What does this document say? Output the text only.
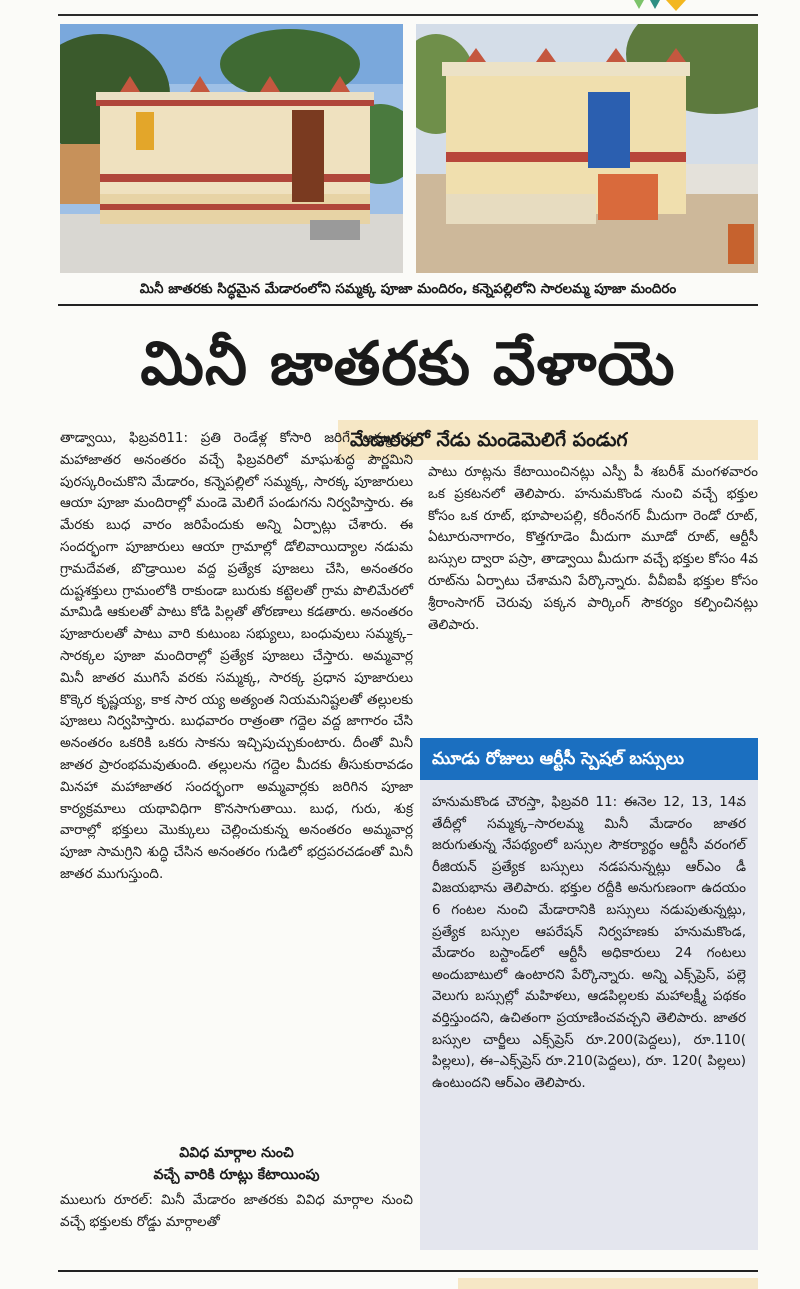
మినీ జాతరకు సిద్ధమైన మేడారంలోని సమ్మక్క పూజా మందిరం, కన్నెపల్లిలోని సారలమ్మ పూజా మందిరం
మినీ జాతరకు వేళాయె
మేడారంలో నేడు మండెమెలిగే పండుగ

తాడ్వాయి, ఫిబ్రవరి11: ప్రతి రెండేళ్ల కోసారి జరిగే అమ్మవార్ల మహాజాతర అనంతరం వచ్చే ఫిబ్రవరిలో మాఘశుద్ధ పౌర్ణమిని పురస్కరించుకొని మేడారం, కన్నెపల్లిలో సమ్మక్క, సారక్క పూజారులు ఆయా పూజా మందిరాల్లో మండె మెలిగే పండుగను నిర్వహిస్తారు. ఈ మేరకు బుధ వారం జరిపేందుకు అన్ని ఏర్పాట్లు చేశారు. ఈ సందర్భంగా పూజారులు ఆయా గ్రామాల్లో డోలివాయిద్యాల నడుమ గ్రామదేవత, బొడ్రాయిల వద్ద ప్రత్యేక పూజలు చేసి, అనంతరం దుష్టశక్తులు గ్రామంలోకి రాకుండా బురుకు కట్టెలతో గ్రామ పొలిమేరలో మామిడి ఆకులతో పాటు కోడి పిల్లతో తోరణాలు కడతారు. అనంతరం పూజారులతో పాటు వారి కుటుంబ సభ్యులు, బంధువులు సమ్మక్క–సారక్కల పూజా మందిరాల్లో ప్రత్యేక పూజలు చేస్తారు. అమ్మవార్ల మినీ జాతర ముగిసే వరకు సమ్మక్క, సారక్క ప్రధాన పూజారులు కొక్కెర కృష్ణయ్య, కాక సార య్య అత్యంత నియమనిష్టలతో తల్లులకు పూజలు నిర్వహిస్తారు. బుధవారం రాత్రంతా గద్దెల వద్ద జాగారం చేసి అనంతరం ఒకరికి ఒకరు సాకను ఇచ్చిపుచ్చుకుంటారు. దీంతో మినీ జాతర ప్రారంభమవుతుంది. తల్లులను గద్దెల మీదకు తీసుకురావడం మినహా మహాజాతర సందర్భంగా అమ్మవార్లకు జరిగిన పూజా కార్యక్రమాలు యథావిధిగా కొనసాగుతాయి. బుధ, గురు, శుక్ర వారాల్లో భక్తులు మొక్కులు చెల్లించుకున్న అనంతరం అమ్మవార్ల పూజా సామగ్రిని శుద్ధి చేసిన అనంతరం గుడిలో భద్రపరచడంతో మినీ జాతర ముగుస్తుంది.

వివిధ మార్గాల నుంచి
వచ్చే వారికి రూట్లు కేటాయింపు

ములుగు రూరల్: మినీ మేడారం జాతరకు వివిధ మార్గాల నుంచి వచ్చే భక్తులకు రోడ్డు మార్గాలతో

పాటు రూట్లను కేటాయించినట్లు ఎస్పీ పీ శబరీశ్ మంగళవారం ఒక ప్రకటనలో తెలిపారు. హనుమకొండ నుంచి వచ్చే భక్తుల కోసం ఒక రూట్, భూపాలపల్లి, కరీంనగర్ మీదుగా రెండో రూట్, ఏటూరునాగారం, కొత్తగూడెం మీదుగా మూడో రూట్, ఆర్టీసీ బస్సుల ద్వారా పస్రా, తాడ్వాయి మీదుగా వచ్చే భక్తుల కోసం 4వ రూట్‌ను ఏర్పాటు చేశామని పేర్కొన్నారు. వీవీఐపీ భక్తుల కోసం శ్రీరాంసాగర్ చెరువు పక్కన పార్కింగ్ సౌకర్యం కల్పించినట్లు తెలిపారు.

మూడు రోజులు ఆర్టీసీ స్పెషల్ బస్సులు

హనుమకొండ చౌరస్తా, ఫిబ్రవరి 11: ఈనెల 12, 13, 14వ తేదీల్లో సమ్మక్క–సారలమ్మ మినీ మేడారం జాతర జరుగుతున్న నేపథ్యంలో బస్సుల సౌకర్యార్థం ఆర్టీసీ వరంగల్ రీజియన్ ప్రత్యేక బస్సులు నడపనున్నట్లు ఆర్‌ఎం డీ విజయభాను తెలిపారు. భక్తుల రద్దీకి అనుగుణంగా ఉదయం 6 గంటల నుంచి మేడారానికి బస్సులు నడుపుతున్నట్లు, ప్రత్యేక బస్సుల ఆపరేషన్ నిర్వహణకు హనుమకొండ, మేడారం బస్టాండ్‌లో ఆర్టీసీ అధికారులు 24 గంటలు అందుబాటులో ఉంటారని పేర్కొన్నారు. అన్ని ఎక్స్‌ప్రెస్, పల్లె వెలుగు బస్సుల్లో మహిళలు, ఆడపిల్లలకు మహాలక్ష్మీ పథకం వర్తిస్తుందని, ఉచితంగా ప్రయాణించవచ్చని తెలిపారు. జాతర బస్సుల చార్జీలు ఎక్స్‌ప్రెస్ రూ.200(పెద్దలు), రూ.110( పిల్లలు), ఈ–ఎక్స్‌ప్రెస్ రూ.210(పెద్దలు), రూ. 120( పిల్లలు) ఉంటుందని ఆర్‌ఎం తెలిపారు.
